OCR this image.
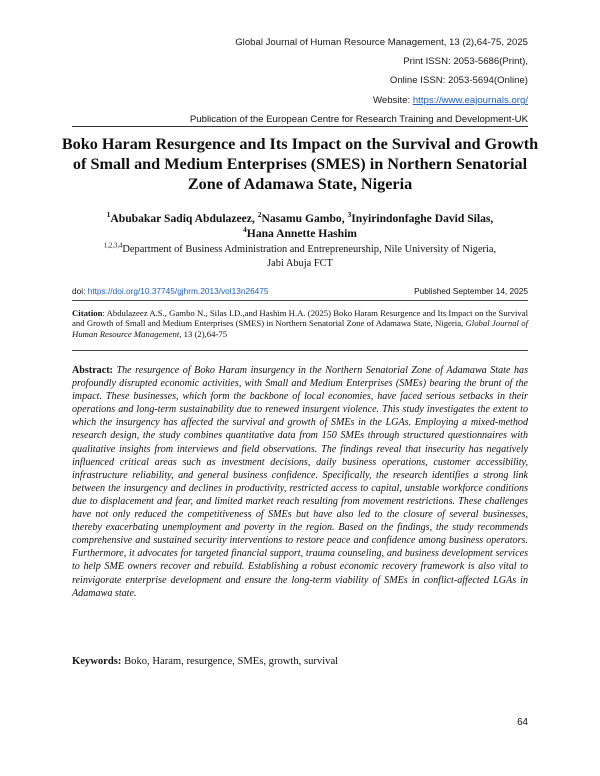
Global Journal of Human Resource Management, 13 (2),64-75, 2025
Print ISSN: 2053-5686(Print),
Online ISSN: 2053-5694(Online)
Website: https://www.eajournals.org/
Publication of the European Centre for Research Training and Development-UK
Boko Haram Resurgence and Its Impact on the Survival and Growth of Small and Medium Enterprises (SMES) in Northern Senatorial Zone of Adamawa State, Nigeria
$^1$Abubakar Sadiq Abdulazeez, $^2$Nasamu Gambo, $^3$Inyirindonfaghe David Silas,
$^4$Hana Annette Hashim
$^{1,2,3,4}$Department of Business Administration and Entrepreneurship, Nile University of Nigeria,
Jabi Abuja FCT
doi: https://doi.org/10.37745/gjhrm.2013/vol13n26475	Published September 14, 2025
Citation: Abdulazeez A.S., Gambo N., Silas I.D.,and Hashim H.A. (2025) Boko Haram Resurgence and Its Impact on the Survival and Growth of Small and Medium Enterprises (SMES) in Northern Senatorial Zone of Adamawa State, Nigeria, Global Journal of Human Resource Management, 13 (2),64-75
Abstract: The resurgence of Boko Haram insurgency in the Northern Senatorial Zone of Adamawa State has profoundly disrupted economic activities, with Small and Medium Enterprises (SMEs) bearing the brunt of the impact. These businesses, which form the backbone of local economies, have faced serious setbacks in their operations and long-term sustainability due to renewed insurgent violence. This study investigates the extent to which the insurgency has affected the survival and growth of SMEs in the LGAs. Employing a mixed-method research design, the study combines quantitative data from 150 SMEs through structured questionnaires with qualitative insights from interviews and field observations. The findings reveal that insecurity has negatively influenced critical areas such as investment decisions, daily business operations, customer accessibility, infrastructure reliability, and general business confidence. Specifically, the research identifies a strong link between the insurgency and declines in productivity, restricted access to capital, unstable workforce conditions due to displacement and fear, and limited market reach resulting from movement restrictions. These challenges have not only reduced the competitiveness of SMEs but have also led to the closure of several businesses, thereby exacerbating unemployment and poverty in the region. Based on the findings, the study recommends comprehensive and sustained security interventions to restore peace and confidence among business operators. Furthermore, it advocates for targeted financial support, trauma counseling, and business development services to help SME owners recover and rebuild. Establishing a robust economic recovery framework is also vital to reinvigorate enterprise development and ensure the long-term viability of SMEs in conflict-affected LGAs in Adamawa state.
Keywords: Boko, Haram, resurgence, SMEs, growth, survival
64
